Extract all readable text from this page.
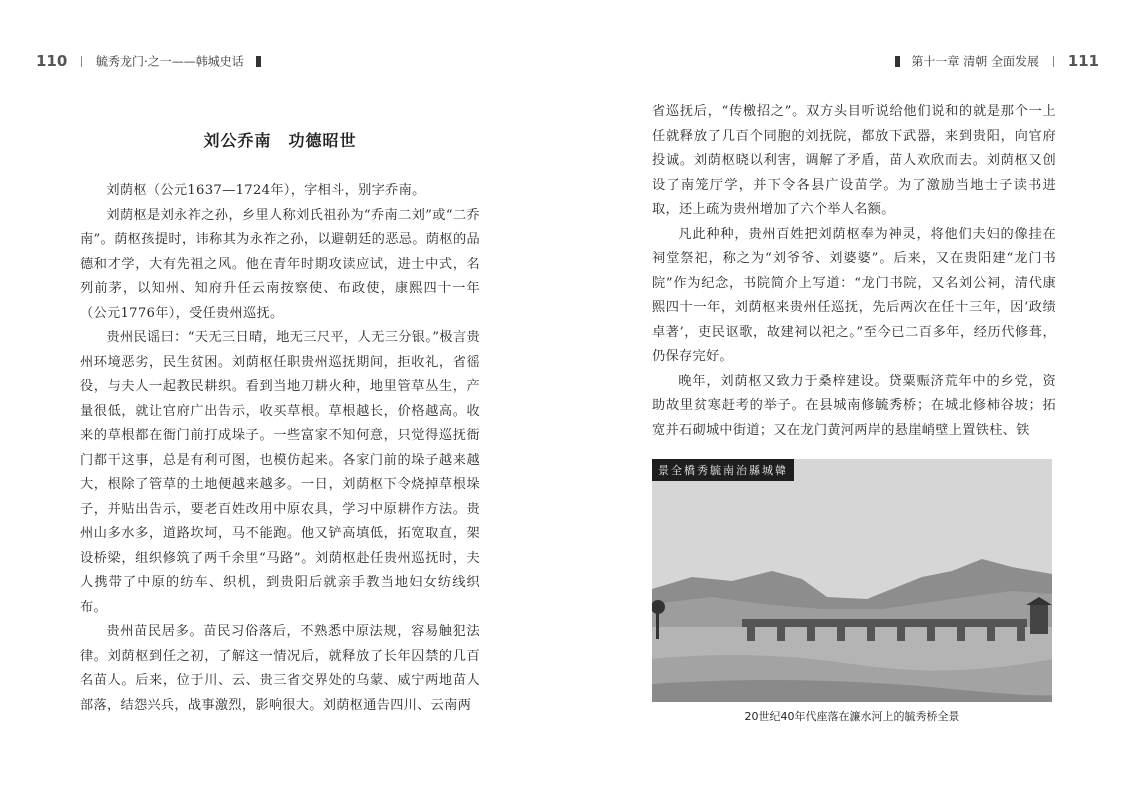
110 毓秀龙门·之一——韩城史话	第十一章 清朝 全面发展 111
刘公乔南　功德昭世

刘荫枢（公元1637—1724年），字相斗，别字乔南。

刘荫枢是刘永祚之孙，乡里人称刘氏祖孙为“乔南二刘”或“二乔南”。荫枢孩提时，讳称其为永祚之孙，以避朝廷的恶忌。荫枢的品德和才学，大有先祖之风。他在青年时期攻读应试，进士中式，名列前茅，以知州、知府升任云南按察使、布政使，康熙四十一年（公元1776年），受任贵州巡抚。

贵州民谣曰：“天无三日晴，地无三尺平，人无三分银。”极言贵州环境恶劣，民生贫困。刘荫枢任职贵州巡抚期间，拒收礼，省徭役，与夫人一起教民耕织。看到当地刀耕火种，地里管草丛生，产量很低，就让官府广出告示，收买草根。草根越长，价格越高。收来的草根都在衙门前打成垛子。一些富家不知何意，只觉得巡抚衙门都干这事，总是有利可图，也模仿起来。各家门前的垛子越来越大，根除了管草的土地便越来越多。一日，刘荫枢下令烧掉草根垛子，并贴出告示，要老百姓改用中原农具，学习中原耕作方法。贵州山多水多，道路坎坷，马不能跑。他又铲高填低，拓宽取直，架设桥梁，组织修筑了两千余里“马路”。刘荫枢赴任贵州巡抚时，夫人携带了中原的纺车、织机，到贵阳后就亲手教当地妇女纺线织布。

贵州苗民居多。苗民习俗落后，不熟悉中原法规，容易触犯法律。刘荫枢到任之初，了解这一情况后，就释放了长年囚禁的几百名苗人。后来，位于川、云、贵三省交界处的乌蒙、威宁两地苗人部落，结怨兴兵，战事激烈，影响很大。刘荫枢通告四川、云南两

省巡抚后，“传檄招之”。双方头目听说给他们说和的就是那个一上任就释放了几百个同胞的刘抚院，都放下武器，来到贵阳，向官府投诚。刘荫枢晓以利害，调解了矛盾，苗人欢欣而去。刘荫枢又创设了南笼厅学，并下令各县广设苗学。为了激励当地士子读书进取，还上疏为贵州增加了六个举人名额。

凡此种种，贵州百姓把刘荫枢奉为神灵，将他们夫妇的像挂在祠堂祭祀，称之为“刘爷爷、刘婆婆”。后来，又在贵阳建“龙门书院”作为纪念，书院简介上写道：“龙门书院，又名刘公祠，清代康熙四十一年，刘荫枢来贵州任巡抚，先后两次在任十三年，因‘政绩卓著’，吏民讴歌，故建祠以祀之。”至今已二百多年，经历代修葺，仍保存完好。

晚年，刘荫枢又致力于桑梓建设。贷粟赈济荒年中的乡党，资助故里贫寒赶考的举子。在县城南修毓秀桥；在城北修柿谷坡；拓宽并石砌城中街道；又在龙门黄河两岸的悬崖峭壁上置铁柱、铁

景全橋秀毓南治縣城韓
20世纪40年代座落在濂水河上的毓秀桥全景
